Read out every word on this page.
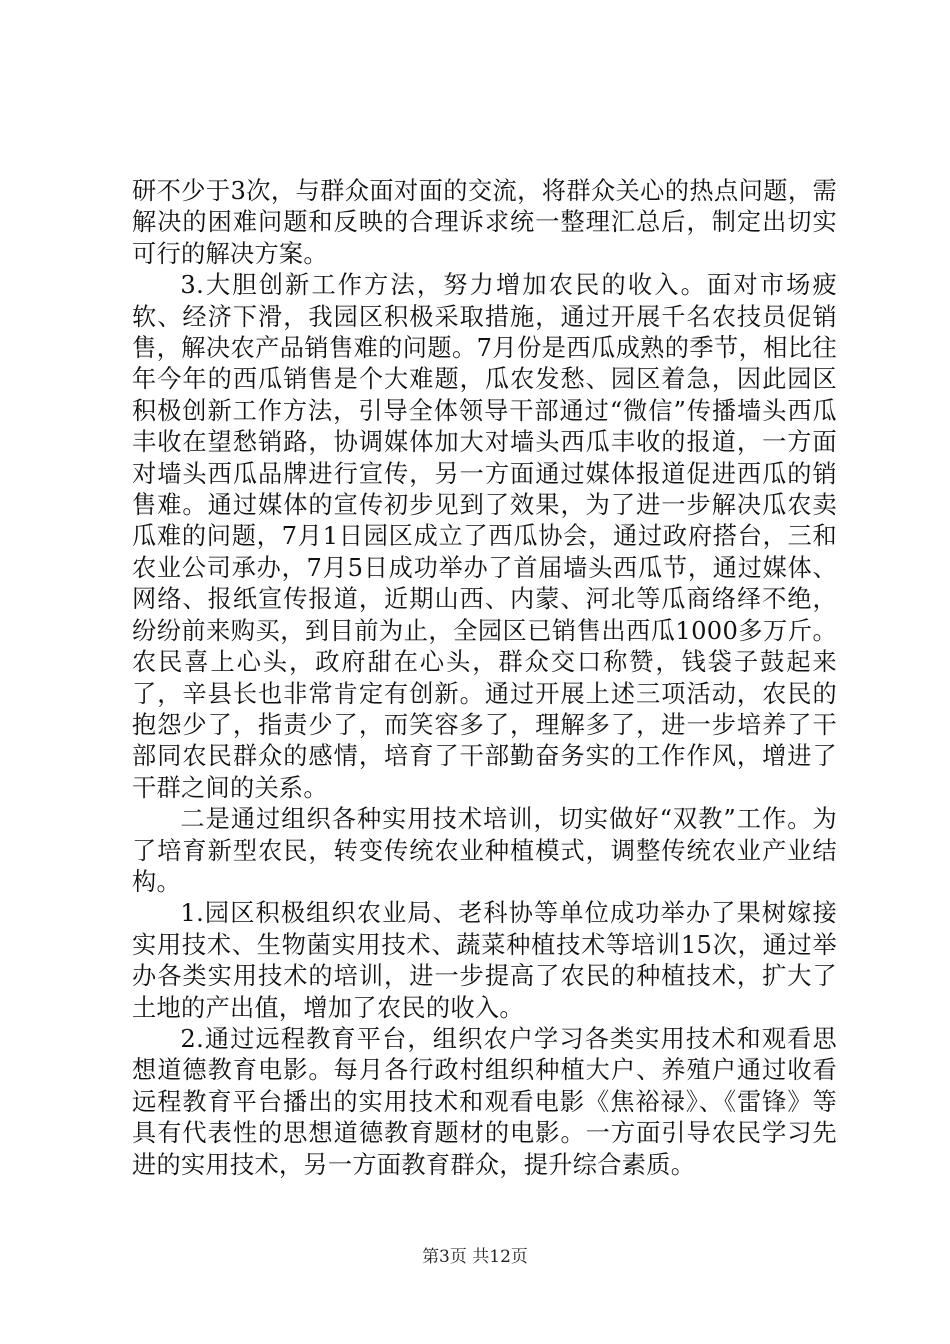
研不少于3次，与群众面对面的交流，将群众关心的热点问题，需解决的困难问题和反映的合理诉求统一整理汇总后，制定出切实可行的解决方案。

3.大胆创新工作方法，努力增加农民的收入。面对市场疲软、经济下滑，我园区积极采取措施，通过开展千名农技员促销售，解决农产品销售难的问题。7月份是西瓜成熟的季节，相比往年今年的西瓜销售是个大难题，瓜农发愁、园区着急，因此园区积极创新工作方法，引导全体领导干部通过“微信”传播墙头西瓜丰收在望愁销路，协调媒体加大对墙头西瓜丰收的报道，一方面对墙头西瓜品牌进行宣传，另一方面通过媒体报道促进西瓜的销售难。通过媒体的宣传初步见到了效果，为了进一步解决瓜农卖瓜难的问题，7月1日园区成立了西瓜协会，通过政府搭台，三和农业公司承办，7月5日成功举办了首届墙头西瓜节，通过媒体、网络、报纸宣传报道，近期山西、内蒙、河北等瓜商络绎不绝，纷纷前来购买，到目前为止，全园区已销售出西瓜1000多万斤。农民喜上心头，政府甜在心头，群众交口称赞，钱袋子鼓起来了，辛县长也非常肯定有创新。通过开展上述三项活动，农民的抱怨少了，指责少了，而笑容多了，理解多了，进一步培养了干部同农民群众的感情，培育了干部勤奋务实的工作作风，增进了干群之间的关系。

二是通过组织各种实用技术培训，切实做好“双教”工作。为了培育新型农民，转变传统农业种植模式，调整传统农业产业结构。

1.园区积极组织农业局、老科协等单位成功举办了果树嫁接实用技术、生物菌实用技术、蔬菜种植技术等培训15次，通过举办各类实用技术的培训，进一步提高了农民的种植技术，扩大了土地的产出值，增加了农民的收入。

2.通过远程教育平台，组织农户学习各类实用技术和观看思想道德教育电影。每月各行政村组织种植大户、养殖户通过收看远程教育平台播出的实用技术和观看电影《焦裕禄》、《雷锋》等具有代表性的思想道德教育题材的电影。一方面引导农民学习先进的实用技术，另一方面教育群众，提升综合素质。

第3页 共12页
